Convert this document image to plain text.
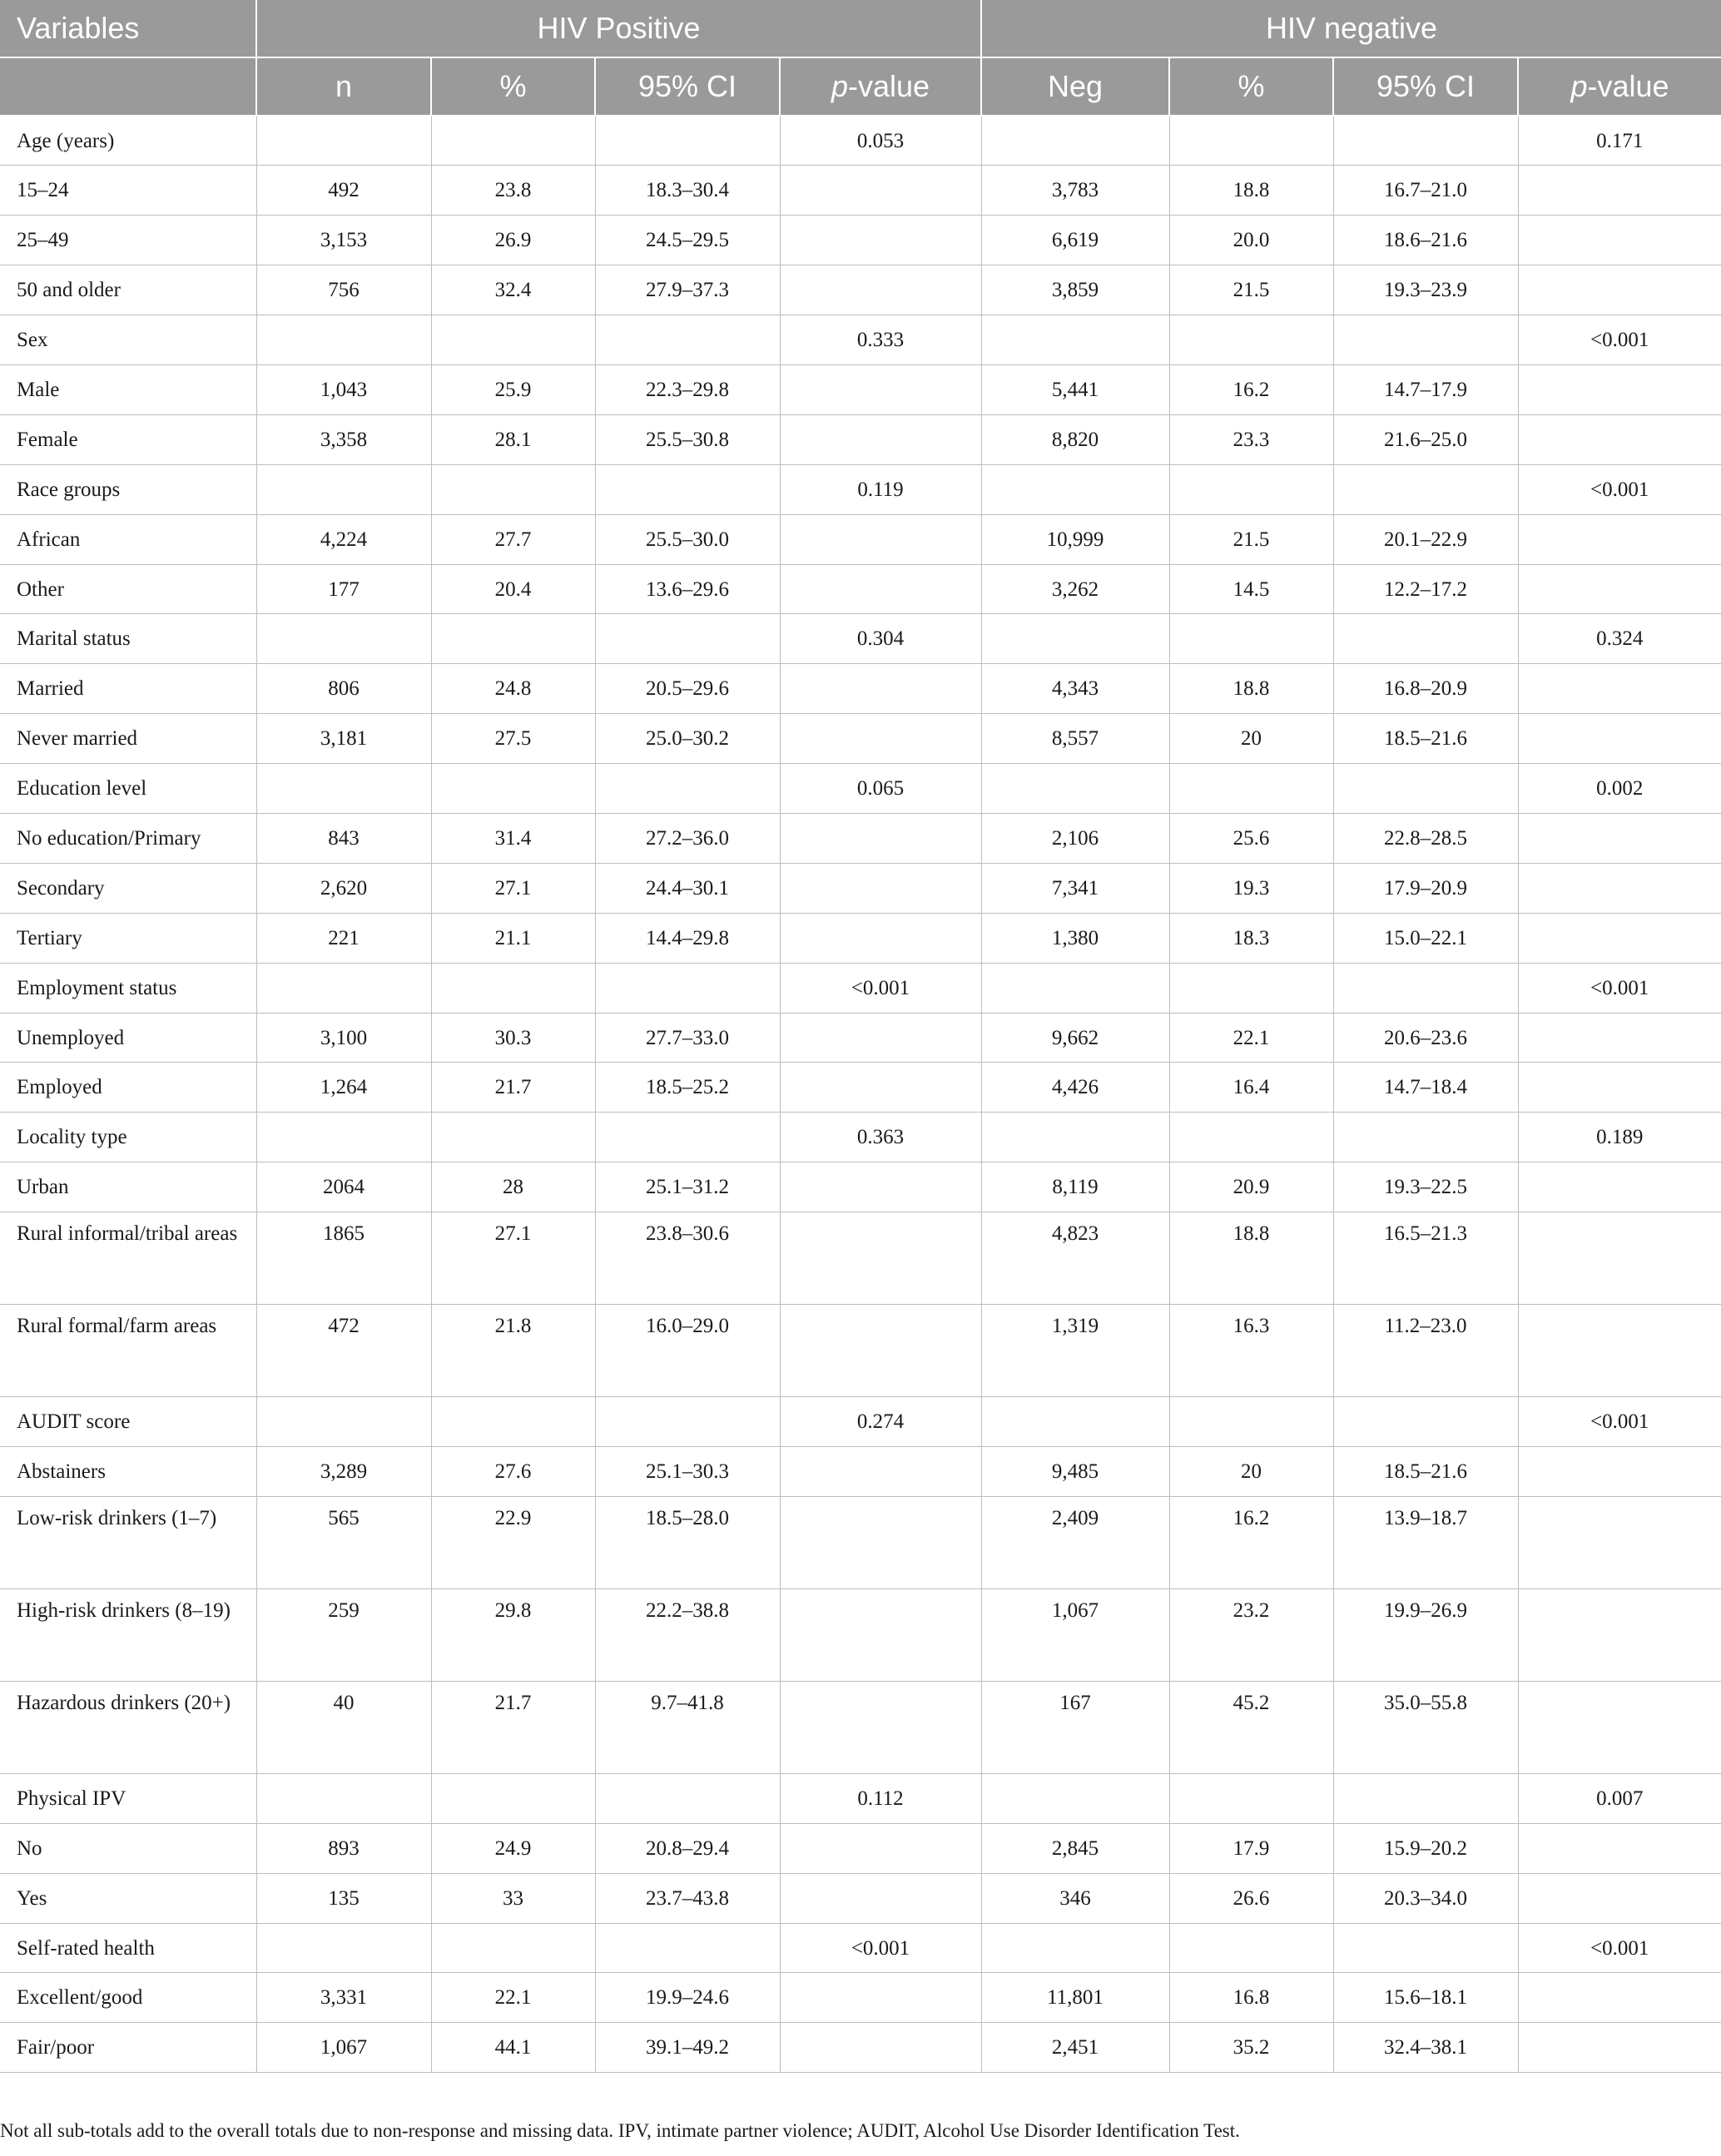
Variables	HIV Positive				HIV negative			
	n	%	95% CI	p-value	Neg	%	95% CI	p-value
Age (years)				0.053				0.171
15–24	492	23.8	18.3–30.4		3,783	18.8	16.7–21.0	
25–49	3,153	26.9	24.5–29.5		6,619	20.0	18.6–21.6	
50 and older	756	32.4	27.9–37.3		3,859	21.5	19.3–23.9	
Sex				0.333				<0.001
Male	1,043	25.9	22.3–29.8		5,441	16.2	14.7–17.9	
Female	3,358	28.1	25.5–30.8		8,820	23.3	21.6–25.0	
Race groups				0.119				<0.001
African	4,224	27.7	25.5–30.0		10,999	21.5	20.1–22.9	
Other	177	20.4	13.6–29.6		3,262	14.5	12.2–17.2	
Marital status				0.304				0.324
Married	806	24.8	20.5–29.6		4,343	18.8	16.8–20.9	
Never married	3,181	27.5	25.0–30.2		8,557	20	18.5–21.6	
Education level				0.065				0.002
No education/Primary	843	31.4	27.2–36.0		2,106	25.6	22.8–28.5	
Secondary	2,620	27.1	24.4–30.1		7,341	19.3	17.9–20.9	
Tertiary	221	21.1	14.4–29.8		1,380	18.3	15.0–22.1	
Employment status				<0.001				<0.001
Unemployed	3,100	30.3	27.7–33.0		9,662	22.1	20.6–23.6	
Employed	1,264	21.7	18.5–25.2		4,426	16.4	14.7–18.4	
Locality type				0.363				0.189
Urban	2064	28	25.1–31.2		8,119	20.9	19.3–22.5	
Rural informal/tribal areas	1865	27.1	23.8–30.6		4,823	18.8	16.5–21.3	
Rural formal/farm areas	472	21.8	16.0–29.0		1,319	16.3	11.2–23.0	
AUDIT score				0.274				<0.001
Abstainers	3,289	27.6	25.1–30.3		9,485	20	18.5–21.6	
Low-risk drinkers (1–7)	565	22.9	18.5–28.0		2,409	16.2	13.9–18.7	
High-risk drinkers (8–19)	259	29.8	22.2–38.8		1,067	23.2	19.9–26.9	
Hazardous drinkers (20+)	40	21.7	9.7–41.8		167	45.2	35.0–55.8	
Physical IPV				0.112				0.007
No	893	24.9	20.8–29.4		2,845	17.9	15.9–20.2	
Yes	135	33	23.7–43.8		346	26.6	20.3–34.0	
Self-rated health				<0.001				<0.001
Excellent/good	3,331	22.1	19.9–24.6		11,801	16.8	15.6–18.1	
Fair/poor	1,067	44.1	39.1–49.2		2,451	35.2	32.4–38.1	
Not all sub-totals add to the overall totals due to non-response and missing data. IPV, intimate partner violence; AUDIT, Alcohol Use Disorder Identification Test.
